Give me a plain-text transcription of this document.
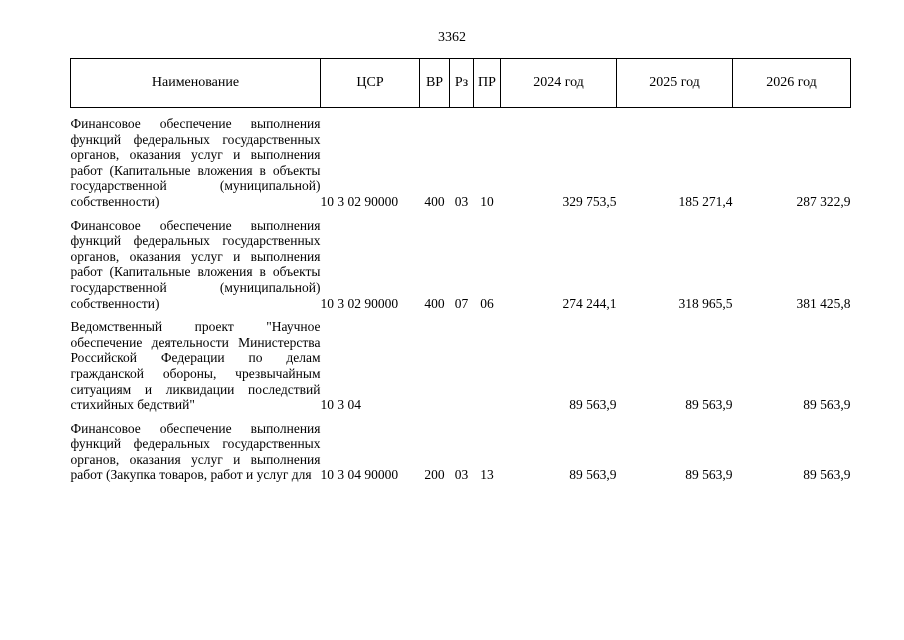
3362
Наименование	ЦСР	ВР	Рз	ПР	2024 год	2025 год	2026 год

Финансовое обеспечение выполнения функций федеральных государственных органов, оказания услуг и выполнения работ (Капитальные вложения в объекты государственной (муниципальной) собственности)	10 3 02 90000	400	03	10	329 753,5	185 271,4	287 322,9

Финансовое обеспечение выполнения функций федеральных государственных органов, оказания услуг и выполнения работ (Капитальные вложения в объекты государственной (муниципальной) собственности)	10 3 02 90000	400	07	06	274 244,1	318 965,5	381 425,8

Ведомственный проект "Научное обеспечение деятельности Министерства Российской Федерации по делам гражданской обороны, чрезвычайным ситуациям и ликвидации последствий стихийных бедствий"	10 3 04				89 563,9	89 563,9	89 563,9

Финансовое обеспечение выполнения функций федеральных государственных органов, оказания услуг и выполнения работ (Закупка товаров, работ и услуг для	10 3 04 90000	200	03	13	89 563,9	89 563,9	89 563,9
